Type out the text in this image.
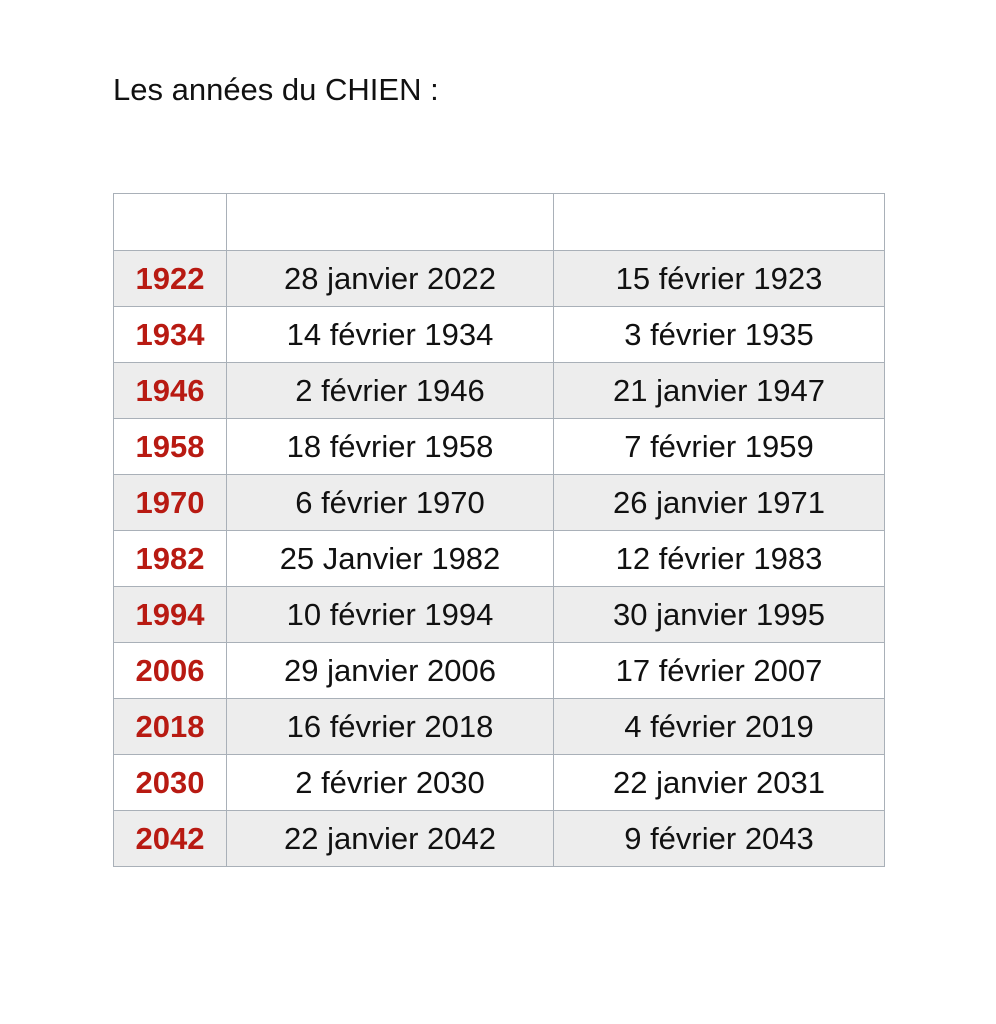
Les années du CHIEN :

1922	28 janvier 2022	15 février 1923
1934	14 février 1934	3 février 1935
1946	2 février 1946	21 janvier 1947
1958	18 février 1958	7 février 1959
1970	6 février 1970	26 janvier 1971
1982	25 Janvier 1982	12 février 1983
1994	10 février 1994	30 janvier 1995
2006	29 janvier 2006	17 février 2007
2018	16 février 2018	4 février 2019
2030	2 février 2030	22 janvier 2031
2042	22 janvier 2042	9 février 2043
